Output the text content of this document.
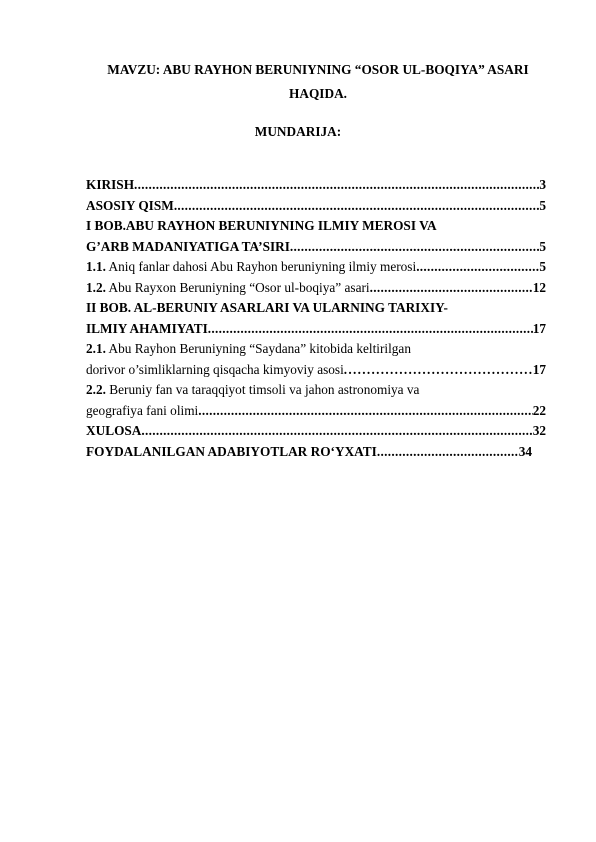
MAVZU: ABU RAYHON BERUNIYNING “OSOR UL-BOQIYA” ASARI HAQIDA.
MUNDARIJA:
KIRISH .....	3
ASOSIY QISM .....	5
I BOB.ABU RAYHON BERUNIYNING ILMIY MEROSI VA
G’ARB MADANIYATIGA TA’SIRI .....	5
1.1. Aniq fanlar dahosi Abu Rayhon beruniyning ilmiy merosi .....	5
1.2. Abu Rayxon Beruniyning “Osor ul-boqiya” asari .....	12
II BOB. AL-BERUNIY ASARLARI VA ULARNING TARIXIY-
ILMIY AHAMIYATI .....	17
2.1. Abu Rayhon Beruniyning “Saydana” kitobida keltirilgan
dorivor o’simliklarning qisqacha kimyoviy asosi .....	17
2.2. Beruniy fan va taraqqiyot timsoli va jahon astronomiya va
geografiya fani olimi .....	22
XULOSA .....	32
FOYDALANILGAN ADABIYOTLAR RO‘YXATI .....	34
